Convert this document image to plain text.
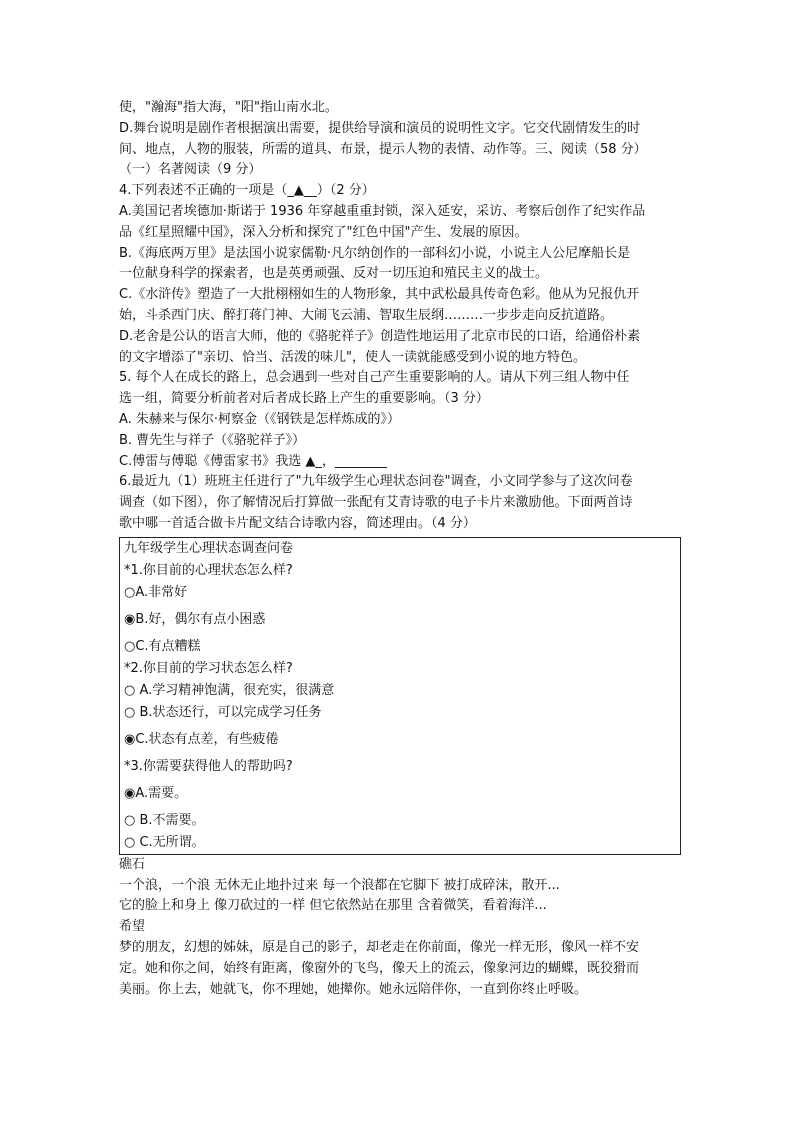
使，"瀚海"指大海，"阳"指山南水北。
D.舞台说明是剧作者根据演出需要，提供给导演和演员的说明性文字。它交代剧情发生的时
间、地点，人物的服装，所需的道具、布景，提示人物的表情、动作等。三、阅读（58 分）
（一）名著阅读（9 分）
4.下列表述不正确的一项是（_▲__）（2 分）
A.美国记者埃德加·斯诺于 1936 年穿越重重封锁，深入延安，采访、考察后创作了纪实作品
品《红星照耀中国》，深入分析和探究了"红色中国"产生、发展的原因。
B.《海底两万里》是法国小说家儒勒·凡尔纳创作的一部科幻小说，小说主人公尼摩船长是
一位献身科学的探索者，也是英勇顽强、反对一切压迫和殖民主义的战士。
C.《水浒传》塑造了一大批栩栩如生的人物形象，其中武松最具传奇色彩。他从为兄报仇开
始，斗杀西门庆、醉打蒋门神、大闹飞云浦、智取生辰纲………一步步走向反抗道路。
D.老舍是公认的语言大师，他的《骆驼祥子》创造性地运用了北京市民的口语，给通俗朴素
的文字增添了"亲切、恰当、活泼的味儿"，使人一读就能感受到小说的地方特色。
5. 每个人在成长的路上，总会遇到一些对自己产生重要影响的人。请从下列三组人物中任
选一组，简要分析前者对后者成长路上产生的重要影响。（3 分）
A. 朱赫来与保尔·柯察金（《钢铁是怎样炼成的》）
B. 曹先生与祥子（《骆驼祥子》）
C.傅雷与傅聪《傅雷家书》我选 ▲_，________
6.最近九（1）班班主任进行了"九年级学生心理状态问卷"调查，小文同学参与了这次问卷
调查（如下图），你了解情况后打算做一张配有艾青诗歌的电子卡片来激励他。下面两首诗
歌中哪一首适合做卡片配文结合诗歌内容，简述理由。（4 分）
九年级学生心理状态调查问卷
*1.你目前的心理状态怎么样?
○A.非常好
◉B.好，偶尔有点小困惑
○C.有点糟糕
*2.你目前的学习状态怎么样?
○ A.学习精神饱满，很充实，很满意
○ B.状态还行，可以完成学习任务
◉C.状态有点差，有些疲倦
*3.你需要获得他人的帮助吗?
◉A.需要。
○ B.不需要。
○ C.无所谓。
礁石
一个浪，一个浪 无休无止地扑过来 每一个浪都在它脚下 被打成碎沫，散开...
它的脸上和身上 像刀砍过的一样 但它依然站在那里 含着微笑，看着海洋...
希望
梦的朋友，幻想的姊妹，原是自己的影子，却老走在你前面，像光一样无形，像风一样不安
定。她和你之间，始终有距离，像窗外的飞鸟，像天上的流云，像象河边的蝴蝶，既狡猾而
美丽。你上去，她就飞，你不理她，她撵你。她永远陪伴你，一直到你终止呼吸。
